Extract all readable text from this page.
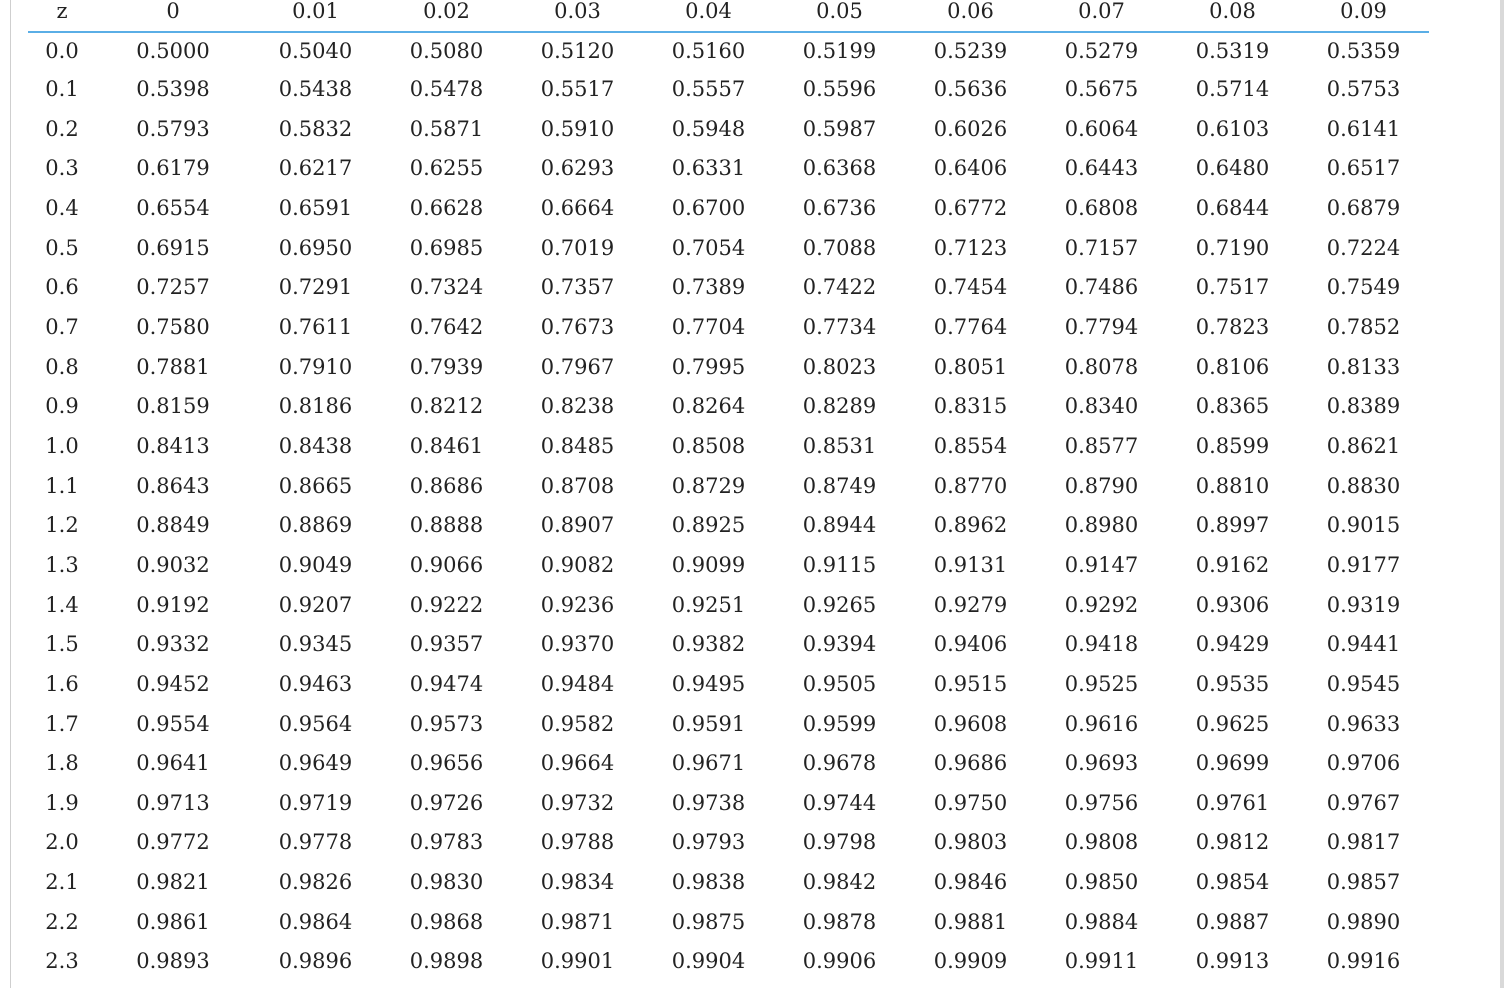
z	0	0.01	0.02	0.03	0.04	0.05	0.06	0.07	0.08	0.09
0.0	0.5000	0.5040	0.5080	0.5120	0.5160	0.5199	0.5239	0.5279	0.5319	0.5359
0.1	0.5398	0.5438	0.5478	0.5517	0.5557	0.5596	0.5636	0.5675	0.5714	0.5753
0.2	0.5793	0.5832	0.5871	0.5910	0.5948	0.5987	0.6026	0.6064	0.6103	0.6141
0.3	0.6179	0.6217	0.6255	0.6293	0.6331	0.6368	0.6406	0.6443	0.6480	0.6517
0.4	0.6554	0.6591	0.6628	0.6664	0.6700	0.6736	0.6772	0.6808	0.6844	0.6879
0.5	0.6915	0.6950	0.6985	0.7019	0.7054	0.7088	0.7123	0.7157	0.7190	0.7224
0.6	0.7257	0.7291	0.7324	0.7357	0.7389	0.7422	0.7454	0.7486	0.7517	0.7549
0.7	0.7580	0.7611	0.7642	0.7673	0.7704	0.7734	0.7764	0.7794	0.7823	0.7852
0.8	0.7881	0.7910	0.7939	0.7967	0.7995	0.8023	0.8051	0.8078	0.8106	0.8133
0.9	0.8159	0.8186	0.8212	0.8238	0.8264	0.8289	0.8315	0.8340	0.8365	0.8389
1.0	0.8413	0.8438	0.8461	0.8485	0.8508	0.8531	0.8554	0.8577	0.8599	0.8621
1.1	0.8643	0.8665	0.8686	0.8708	0.8729	0.8749	0.8770	0.8790	0.8810	0.8830
1.2	0.8849	0.8869	0.8888	0.8907	0.8925	0.8944	0.8962	0.8980	0.8997	0.9015
1.3	0.9032	0.9049	0.9066	0.9082	0.9099	0.9115	0.9131	0.9147	0.9162	0.9177
1.4	0.9192	0.9207	0.9222	0.9236	0.9251	0.9265	0.9279	0.9292	0.9306	0.9319
1.5	0.9332	0.9345	0.9357	0.9370	0.9382	0.9394	0.9406	0.9418	0.9429	0.9441
1.6	0.9452	0.9463	0.9474	0.9484	0.9495	0.9505	0.9515	0.9525	0.9535	0.9545
1.7	0.9554	0.9564	0.9573	0.9582	0.9591	0.9599	0.9608	0.9616	0.9625	0.9633
1.8	0.9641	0.9649	0.9656	0.9664	0.9671	0.9678	0.9686	0.9693	0.9699	0.9706
1.9	0.9713	0.9719	0.9726	0.9732	0.9738	0.9744	0.9750	0.9756	0.9761	0.9767
2.0	0.9772	0.9778	0.9783	0.9788	0.9793	0.9798	0.9803	0.9808	0.9812	0.9817
2.1	0.9821	0.9826	0.9830	0.9834	0.9838	0.9842	0.9846	0.9850	0.9854	0.9857
2.2	0.9861	0.9864	0.9868	0.9871	0.9875	0.9878	0.9881	0.9884	0.9887	0.9890
2.3	0.9893	0.9896	0.9898	0.9901	0.9904	0.9906	0.9909	0.9911	0.9913	0.9916
